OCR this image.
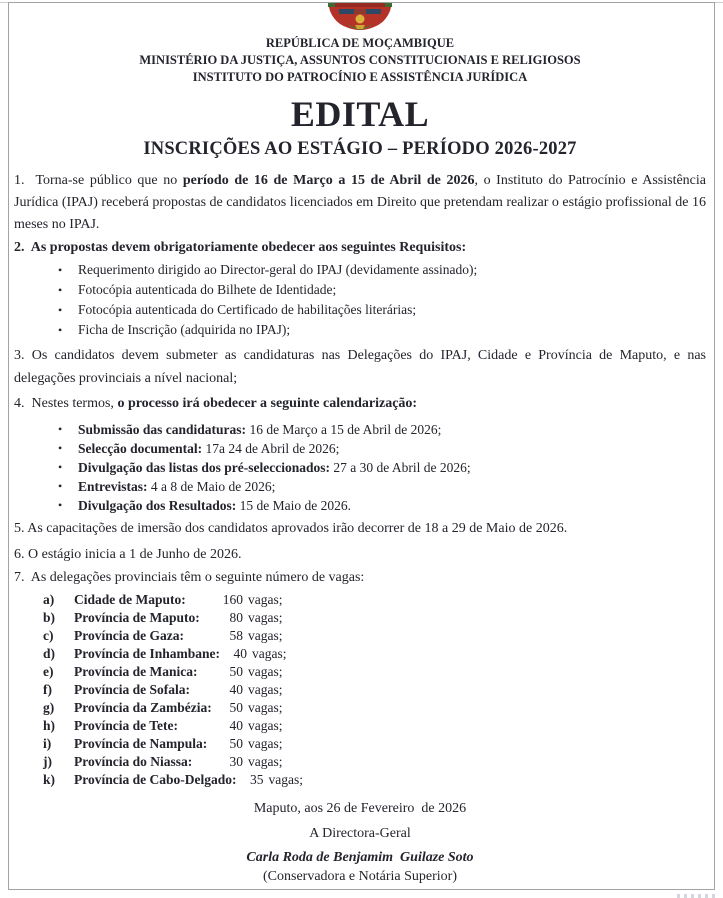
REPÚBLICA DE MOÇAMBIQUE
MINISTÉRIO DA JUSTIÇA, ASSUNTOS CONSTITUCIONAIS E RELIGIOSOS
INSTITUTO DO PATROCÍNIO E ASSISTÊNCIA JURÍDICA
EDITAL
INSCRIÇÕES AO ESTÁGIO – PERÍODO 2026-2027
1.  Torna-se público que no período de 16 de Março a 15 de Abril de 2026, o Instituto do Patrocínio e Assistência Jurídica (IPAJ) receberá propostas de candidatos licenciados em Direito que pretendam realizar o estágio profissional de 16 meses no IPAJ.
2.  As propostas devem obrigatoriamente obedecer aos seguintes Requisitos:
•	Requerimento dirigido ao Director-geral do IPAJ (devidamente assinado);
•	Fotocópia autenticada do Bilhete de Identidade;
•	Fotocópia autenticada do Certificado de habilitações literárias;
•	Ficha de Inscrição (adquirida no IPAJ);
3. Os candidatos devem submeter as candidaturas nas Delegações do IPAJ, Cidade e Província de Maputo, e nas delegações provinciais a nível nacional;
4.  Nestes termos, o processo irá obedecer a seguinte calendarização:
•	Submissão das candidaturas: 16 de Março a 15 de Abril de 2026;
•	Selecção documental: 17a 24 de Abril de 2026;
•	Divulgação das listas dos pré-seleccionados: 27 a 30 de Abril de 2026;
•	Entrevistas: 4 a 8 de Maio de 2026;
•	Divulgação dos Resultados: 15 de Maio de 2026.
5. As capacitações de imersão dos candidatos aprovados irão decorrer de 18 a 29 de Maio de 2026.
6. O estágio inicia a 1 de Junho de 2026.
7.  As delegações provinciais têm o seguinte número de vagas:
a)	Cidade de Maputo:	160 vagas;
b)	Província de Maputo:	80 vagas;
c)	Província de Gaza:	58 vagas;
d)	Província de Inhambane:	40 vagas;
e)	Província de Manica:	50 vagas;
f)	Província de Sofala:	40 vagas;
g)	Província da Zambézia:	50 vagas;
h)	Província de Tete:	40 vagas;
i)	Província de Nampula:	50 vagas;
j)	Província do Niassa:	30 vagas;
k)	Província de Cabo-Delgado:	35 vagas;
Maputo, aos 26 de Fevereiro  de 2026
A Directora-Geral
Carla Roda de Benjamim  Guilaze Soto
(Conservadora e Notária Superior)
